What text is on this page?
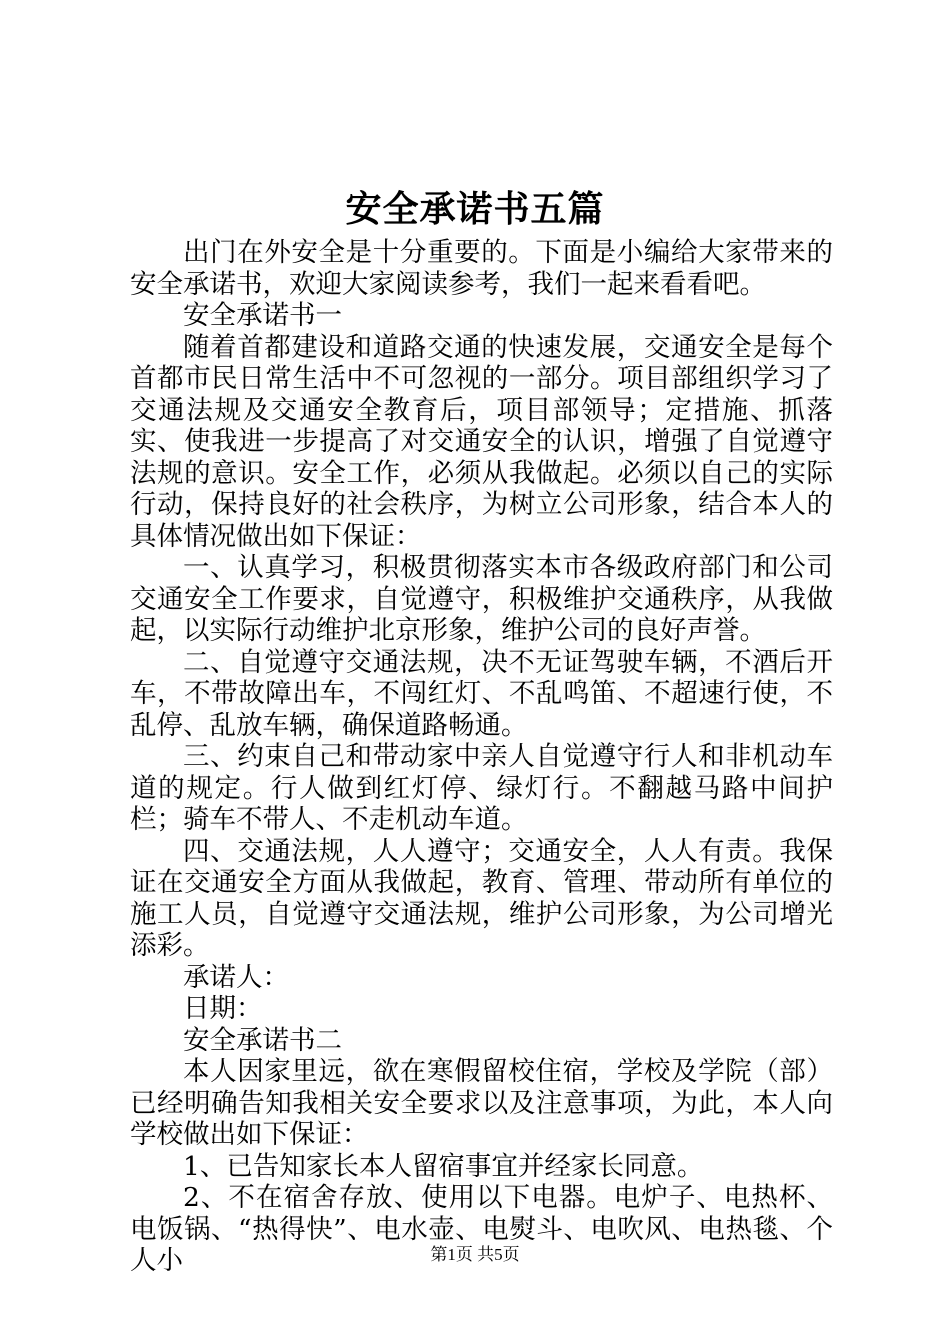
安全承诺书五篇

出门在外安全是十分重要的。下面是小编给大家带来的安全承诺书，欢迎大家阅读参考，我们一起来看看吧。

安全承诺书一

随着首都建设和道路交通的快速发展，交通安全是每个首都市民日常生活中不可忽视的一部分。项目部组织学习了交通法规及交通安全教育后，项目部领导；定措施、抓落实、使我进一步提高了对交通安全的认识，增强了自觉遵守法规的意识。安全工作，必须从我做起。必须以自己的实际行动，保持良好的社会秩序，为树立公司形象，结合本人的具体情况做出如下保证：

一、认真学习，积极贯彻落实本市各级政府部门和公司交通安全工作要求，自觉遵守，积极维护交通秩序，从我做起，以实际行动维护北京形象，维护公司的良好声誉。

二、自觉遵守交通法规，决不无证驾驶车辆，不酒后开车，不带故障出车，不闯红灯、不乱鸣笛、不超速行使，不乱停、乱放车辆，确保道路畅通。

三、约束自己和带动家中亲人自觉遵守行人和非机动车道的规定。行人做到红灯停、绿灯行。不翻越马路中间护栏；骑车不带人、不走机动车道。

四、交通法规，人人遵守；交通安全，人人有责。我保证在交通安全方面从我做起，教育、管理、带动所有单位的施工人员，自觉遵守交通法规，维护公司形象，为公司增光添彩。

承诺人：

日期：

安全承诺书二

本人因家里远，欲在寒假留校住宿，学校及学院（部）已经明确告知我相关安全要求以及注意事项，为此，本人向学校做出如下保证：

1、已告知家长本人留宿事宜并经家长同意。

2、不在宿舍存放、使用以下电器。电炉子、电热杯、电饭锅、“热得快”、电水壶、电熨斗、电吹风、电热毯、个人小	第1页 共5页
